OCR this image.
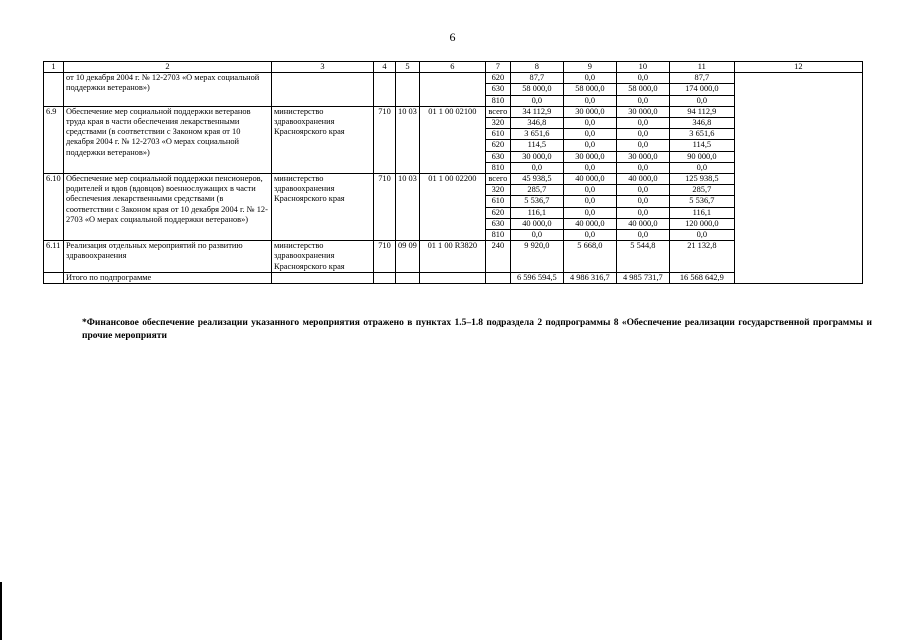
6
1	2	3	4	5	6	7	8	9	10	11	12
	от 10 декабря 2004 г. № 12-2703 «О мерах социальной поддержки ветеранов»)					620	87,7	0,0	0,0	87,7	
						630	58 000,0	58 000,0	58 000,0	174 000,0	
						810	0,0	0,0	0,0	0,0	
6.9	Обеспечение мер социальной поддержки ветеранов труда края в части обеспечения лекарственными средствами (в соответствии с Законом края от 10 декабря 2004 г. № 12-2703 «О мерах социальной поддержки ветеранов»)	министерство здравоохранения Красноярского края	710	10 03	01 1 00 02100	всего	34 112,9	30 000,0	30 000,0	94 112,9	
						320	346,8	0,0	0,0	346,8	
						610	3 651,6	0,0	0,0	3 651,6	
						620	114,5	0,0	0,0	114,5	
						630	30 000,0	30 000,0	30 000,0	90 000,0	
						810	0,0	0,0	0,0	0,0	
6.10	Обеспечение мер социальной поддержки пенсионеров, родителей и вдов (вдовцов) военнослужащих в части обеспечения лекарственными средствами (в соответствии с Законом края от 10 декабря 2004 г. № 12-2703 «О мерах социальной поддержки ветеранов»)	министерство здравоохранения Красноярского края	710	10 03	01 1 00 02200	всего	45 938,5	40 000,0	40 000,0	125 938,5	
						320	285,7	0,0	0,0	285,7	
						610	5 536,7	0,0	0,0	5 536,7	
						620	116,1	0,0	0,0	116,1	
						630	40 000,0	40 000,0	40 000,0	120 000,0	
						810	0,0	0,0	0,0	0,0	
6.11	Реализация отдельных мероприятий по развитию здравоохранения	министерство здравоохранения Красноярского края	710	09 09	01 1 00 R3820	240	9 920,0	5 668,0	5 544,8	21 132,8	
	Итого по подпрограмме						6 596 594,5	4 986 316,7	4 985 731,7	16 568 642,9	
*Финансовое обеспечение реализации указанного мероприятия отражено в пунктах 1.5–1.8 подраздела 2 подпрограммы 8 «Обеспечение реализации государственной программы и прочие мероприяти
